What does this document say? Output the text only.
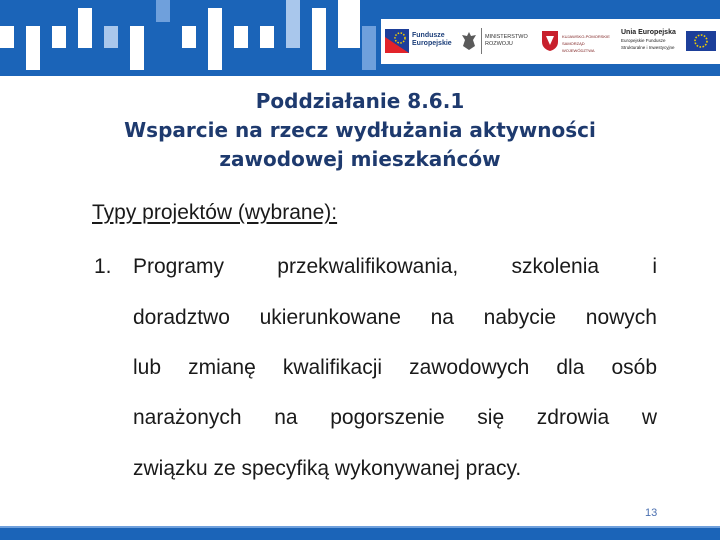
Fundusze
Europejskie
MINISTERSTWO
ROZWOJU
KUJAWSKO-POMORSKIE
SAMORZĄD WOJEWÓDZTWA
Unia Europejska
Europejskie Fundusze
Strukturalne i Inwestycyjne
Poddziałanie 8.6.1
Wsparcie na rzecz wydłużania aktywności
zawodowej mieszkańców
Typy projektów (wybrane):
1. Programy przekwalifikowania, szkolenia i
doradztwo ukierunkowane na nabycie nowych
lub zmianę kwalifikacji zawodowych dla osób
narażonych na pogorszenie się zdrowia w
związku ze specyfiką wykonywanej pracy.
13
